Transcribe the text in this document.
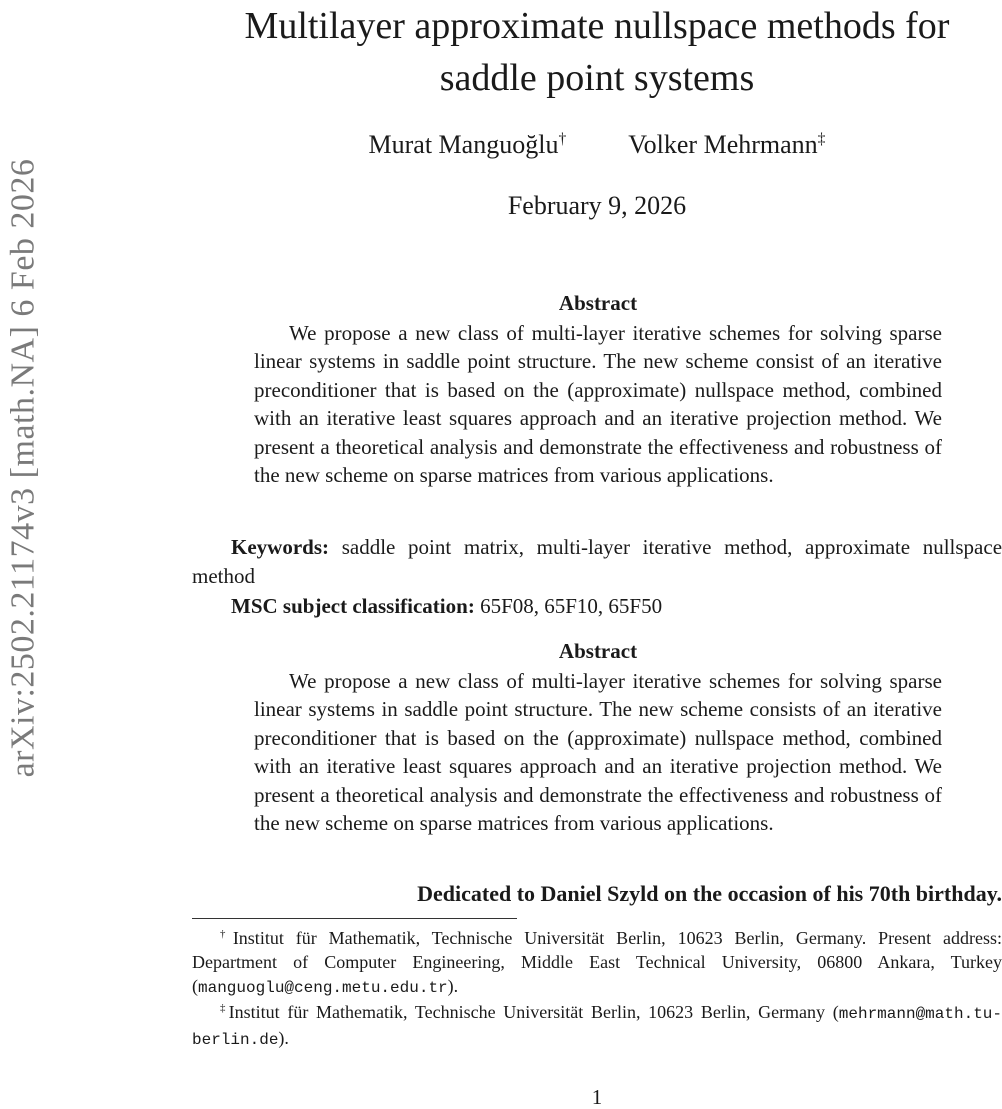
arXiv:2502.21174v3 [math.NA] 6 Feb 2026
Multilayer approximate nullspace methods for
saddle point systems
Murat Manguoğlu† Volker Mehrmann‡
February 9, 2026
Abstract
We propose a new class of multi-layer iterative schemes for solving sparse linear systems in saddle point structure. The new scheme consist of an iterative preconditioner that is based on the (approximate) nullspace method, combined with an iterative least squares approach and an iterative projection method. We present a theoretical analysis and demonstrate the effectiveness and robustness of the new scheme on sparse matrices from various applications.
Keywords: saddle point matrix, multi-layer iterative method, approximate nullspace method
MSC subject classification: 65F08, 65F10, 65F50
Abstract
We propose a new class of multi-layer iterative schemes for solving sparse linear systems in saddle point structure. The new scheme consists of an iterative preconditioner that is based on the (approximate) nullspace method, combined with an iterative least squares approach and an iterative projection method. We present a theoretical analysis and demonstrate the effectiveness and robustness of the new scheme on sparse matrices from various applications.
Dedicated to Daniel Szyld on the occasion of his 70th birthday.
†Institut für Mathematik, Technische Universität Berlin, 10623 Berlin, Germany. Present address: Department of Computer Engineering, Middle East Technical University, 06800 Ankara, Turkey (manguoglu@ceng.metu.edu.tr).
‡Institut für Mathematik, Technische Universität Berlin, 10623 Berlin, Germany (mehrmann@math.tu-berlin.de).
1
